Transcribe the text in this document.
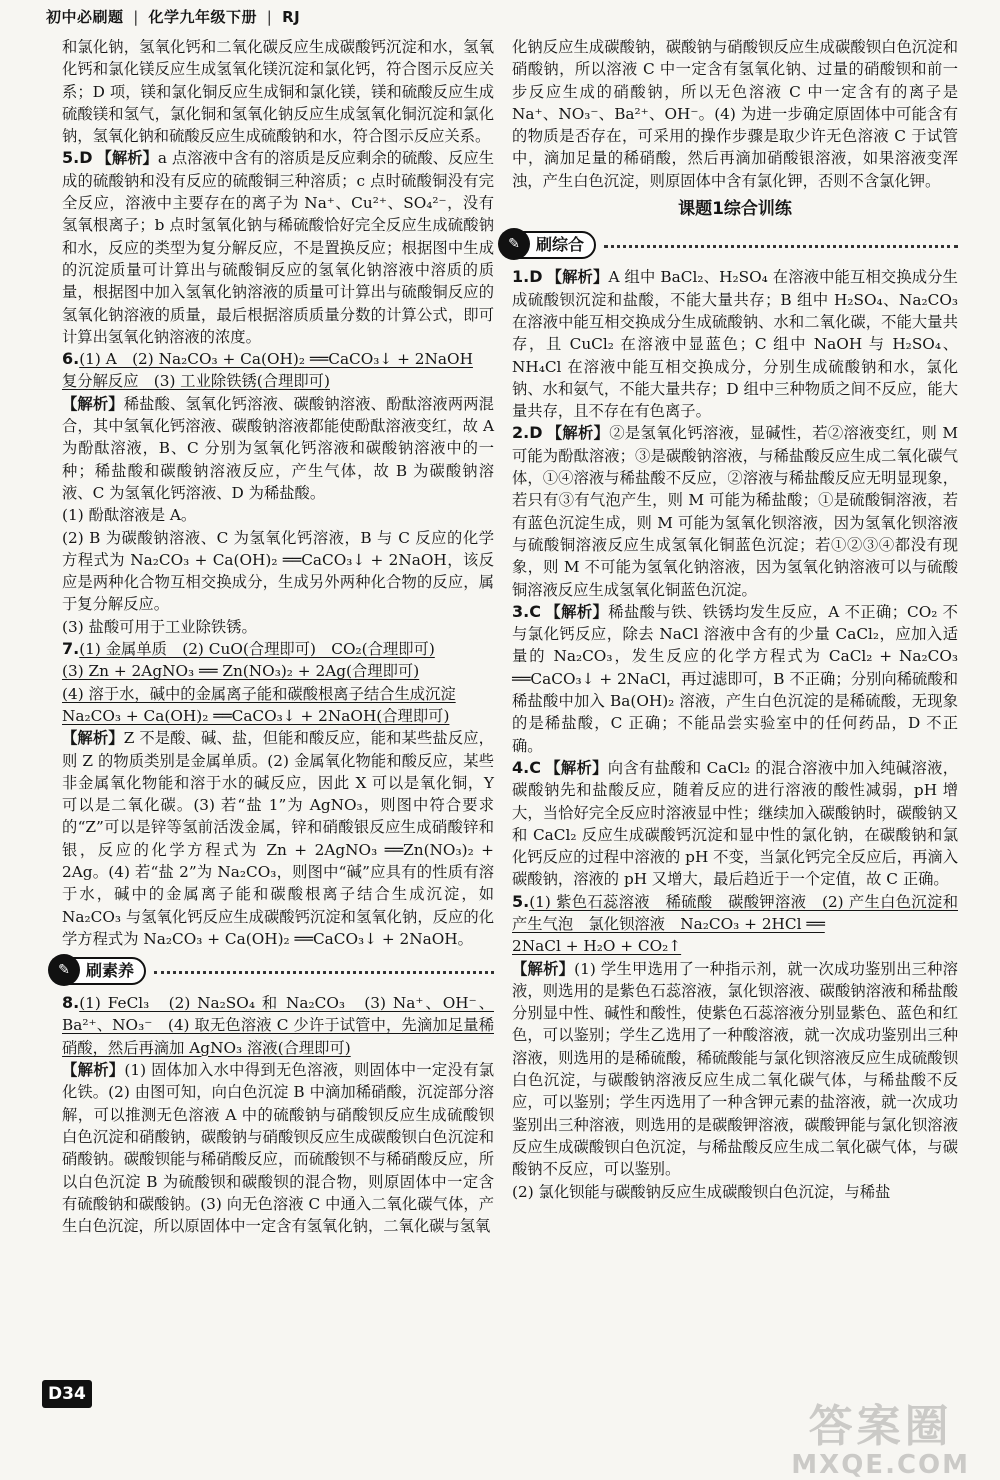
初中必刷题 | 化学九年级下册 | RJ

和氯化钠，氢氧化钙和二氧化碳反应生成碳酸钙沉淀和水，氢氧化钙和氯化镁反应生成氢氧化镁沉淀和氯化钙，符合图示反应关系；D 项，镁和氯化铜反应生成铜和氯化镁，镁和硫酸反应生成硫酸镁和氢气，氯化铜和氢氧化钠反应生成氢氧化铜沉淀和氯化钠，氢氧化钠和硫酸反应生成硫酸钠和水，符合图示反应关系。

5.D 【解析】a 点溶液中含有的溶质是反应剩余的硫酸、反应生成的硫酸钠和没有反应的硫酸铜三种溶质；c 点时硫酸铜没有完全反应，溶液中主要存在的离子为 Na⁺、Cu²⁺、SO₄²⁻，没有氢氧根离子；b 点时氢氧化钠与稀硫酸恰好完全反应生成硫酸钠和水，反应的类型为复分解反应，不是置换反应；根据图中生成的沉淀质量可计算出与硫酸铜反应的氢氧化钠溶液中溶质的质量，根据图中加入氢氧化钠溶液的质量可计算出与硫酸铜反应的氢氧化钠溶液的质量，最后根据溶质质量分数的计算公式，即可计算出氢氧化钠溶液的浓度。

6.(1) A　(2) Na₂CO₃ + Ca(OH)₂ ══CaCO₃↓ + 2NaOH

复分解反应　(3) 工业除铁锈(合理即可)

【解析】稀盐酸、氢氧化钙溶液、碳酸钠溶液、酚酞溶液两两混合，其中氢氧化钙溶液、碳酸钠溶液都能使酚酞溶液变红，故 A 为酚酞溶液，B、C 分别为氢氧化钙溶液和碳酸钠溶液中的一种；稀盐酸和碳酸钠溶液反应，产生气体，故 B 为碳酸钠溶液、C 为氢氧化钙溶液、D 为稀盐酸。

(1) 酚酞溶液是 A。

(2) B 为碳酸钠溶液、C 为氢氧化钙溶液，B 与 C 反应的化学方程式为 Na₂CO₃ + Ca(OH)₂ ══CaCO₃↓ + 2NaOH，该反应是两种化合物互相交换成分，生成另外两种化合物的反应，属于复分解反应。

(3) 盐酸可用于工业除铁锈。

7.(1) 金属单质　(2) CuO(合理即可)　CO₂(合理即可)

(3) Zn + 2AgNO₃ ══ Zn(NO₃)₂ + 2Ag(合理即可)

(4) 溶于水，碱中的金属离子能和碳酸根离子结合生成沉淀

Na₂CO₃ + Ca(OH)₂ ══CaCO₃↓ + 2NaOH(合理即可)

【解析】Z 不是酸、碱、盐，但能和酸反应，能和某些盐反应，则 Z 的物质类别是金属单质。(2) 金属氧化物能和酸反应，某些非金属氧化物能和溶于水的碱反应，因此 X 可以是氧化铜，Y 可以是二氧化碳。(3) 若“盐 1”为 AgNO₃，则图中符合要求的“Z”可以是锌等氢前活泼金属，锌和硝酸银反应生成硝酸锌和银，反应的化学方程式为 Zn + 2AgNO₃ ══Zn(NO₃)₂ + 2Ag。(4) 若“盐 2”为 Na₂CO₃，则图中“碱”应具有的性质有溶于水，碱中的金属离子能和碳酸根离子结合生成沉淀，如 Na₂CO₃ 与氢氧化钙反应生成碳酸钙沉淀和氢氧化钠，反应的化学方程式为 Na₂CO₃ + Ca(OH)₂ ══CaCO₃↓ + 2NaOH。

✎	刷素养

8.(1) FeCl₃　(2) Na₂SO₄ 和 Na₂CO₃　(3) Na⁺、OH⁻、Ba²⁺、NO₃⁻　(4) 取无色溶液 C 少许于试管中，先滴加足量稀硝酸，然后再滴加 AgNO₃ 溶液(合理即可)

【解析】(1) 固体加入水中得到无色溶液，则固体中一定没有氯化铁。(2) 由图可知，向白色沉淀 B 中滴加稀硝酸，沉淀部分溶解，可以推测无色溶液 A 中的硫酸钠与硝酸钡反应生成硫酸钡白色沉淀和硝酸钠，碳酸钠与硝酸钡反应生成碳酸钡白色沉淀和硝酸钠。碳酸钡能与稀硝酸反应，而硫酸钡不与稀硝酸反应，所以白色沉淀 B 为硫酸钡和碳酸钡的混合物，则原固体中一定含有硫酸钠和碳酸钠。(3) 向无色溶液 C 中通入二氧化碳气体，产生白色沉淀，所以原固体中一定含有氢氧化钠，二氧化碳与氢氧

化钠反应生成碳酸钠，碳酸钠与硝酸钡反应生成碳酸钡白色沉淀和硝酸钠，所以溶液 C 中一定含有氢氧化钠、过量的硝酸钡和前一步反应生成的硝酸钠，所以无色溶液 C 中一定含有的离子是 Na⁺、NO₃⁻、Ba²⁺、OH⁻。(4) 为进一步确定原固体中可能含有的物质是否存在，可采用的操作步骤是取少许无色溶液 C 于试管中，滴加足量的稀硝酸，然后再滴加硝酸银溶液，如果溶液变浑浊，产生白色沉淀，则原固体中含有氯化钾，否则不含氯化钾。

课题1综合训练
✎	刷综合

1.D 【解析】A 组中 BaCl₂、H₂SO₄ 在溶液中能互相交换成分生成硫酸钡沉淀和盐酸，不能大量共存；B 组中 H₂SO₄、Na₂CO₃ 在溶液中能互相交换成分生成硫酸钠、水和二氧化碳，不能大量共存，且 CuCl₂ 在溶液中显蓝色；C 组中 NaOH 与 H₂SO₄、NH₄Cl 在溶液中能互相交换成分，分别生成硫酸钠和水，氯化钠、水和氨气，不能大量共存；D 组中三种物质之间不反应，能大量共存，且不存在有色离子。

2.D 【解析】②是氢氧化钙溶液，显碱性，若②溶液变红，则 M 可能为酚酞溶液；③是碳酸钠溶液，与稀盐酸反应生成二氧化碳气体，①④溶液与稀盐酸不反应，②溶液与稀盐酸反应无明显现象，若只有③有气泡产生，则 M 可能为稀盐酸；①是硫酸铜溶液，若有蓝色沉淀生成，则 M 可能为氢氧化钡溶液，因为氢氧化钡溶液与硫酸铜溶液反应生成氢氧化铜蓝色沉淀；若①②③④都没有现象，则 M 不可能为氢氧化钠溶液，因为氢氧化钠溶液可以与硫酸铜溶液反应生成氢氧化铜蓝色沉淀。

3.C 【解析】稀盐酸与铁、铁锈均发生反应，A 不正确；CO₂ 不与氯化钙反应，除去 NaCl 溶液中含有的少量 CaCl₂，应加入适量的 Na₂CO₃，发生反应的化学方程式为 CaCl₂ + Na₂CO₃ ══CaCO₃↓ + 2NaCl，再过滤即可，B 不正确；分别向稀硫酸和稀盐酸中加入 Ba(OH)₂ 溶液，产生白色沉淀的是稀硫酸，无现象的是稀盐酸，C 正确；不能品尝实验室中的任何药品，D 不正确。

4.C 【解析】向含有盐酸和 CaCl₂ 的混合溶液中加入纯碱溶液，碳酸钠先和盐酸反应，随着反应的进行溶液的酸性减弱，pH 增大，当恰好完全反应时溶液显中性；继续加入碳酸钠时，碳酸钠又和 CaCl₂ 反应生成碳酸钙沉淀和显中性的氯化钠，在碳酸钠和氯化钙反应的过程中溶液的 pH 不变，当氯化钙完全反应后，再滴入碳酸钠，溶液的 pH 又增大，最后趋近于一个定值，故 C 正确。

5.(1) 紫色石蕊溶液　稀硫酸　碳酸钾溶液　(2) 产生白色沉淀和产生气泡　氯化钡溶液　Na₂CO₃ + 2HCl ══

2NaCl + H₂O + CO₂↑

【解析】(1) 学生甲选用了一种指示剂，就一次成功鉴别出三种溶液，则选用的是紫色石蕊溶液，氯化钡溶液、碳酸钠溶液和稀盐酸分别显中性、碱性和酸性，使紫色石蕊溶液分别显紫色、蓝色和红色，可以鉴别；学生乙选用了一种酸溶液，就一次成功鉴别出三种溶液，则选用的是稀硫酸，稀硫酸能与氯化钡溶液反应生成硫酸钡白色沉淀，与碳酸钠溶液反应生成二氧化碳气体，与稀盐酸不反应，可以鉴别；学生丙选用了一种含钾元素的盐溶液，就一次成功鉴别出三种溶液，则选用的是碳酸钾溶液，碳酸钾能与氯化钡溶液反应生成碳酸钡白色沉淀，与稀盐酸反应生成二氧化碳气体，与碳酸钠不反应，可以鉴别。

(2) 氯化钡能与碳酸钠反应生成碳酸钡白色沉淀，与稀盐

D34
答案圈
MXQE.COM
